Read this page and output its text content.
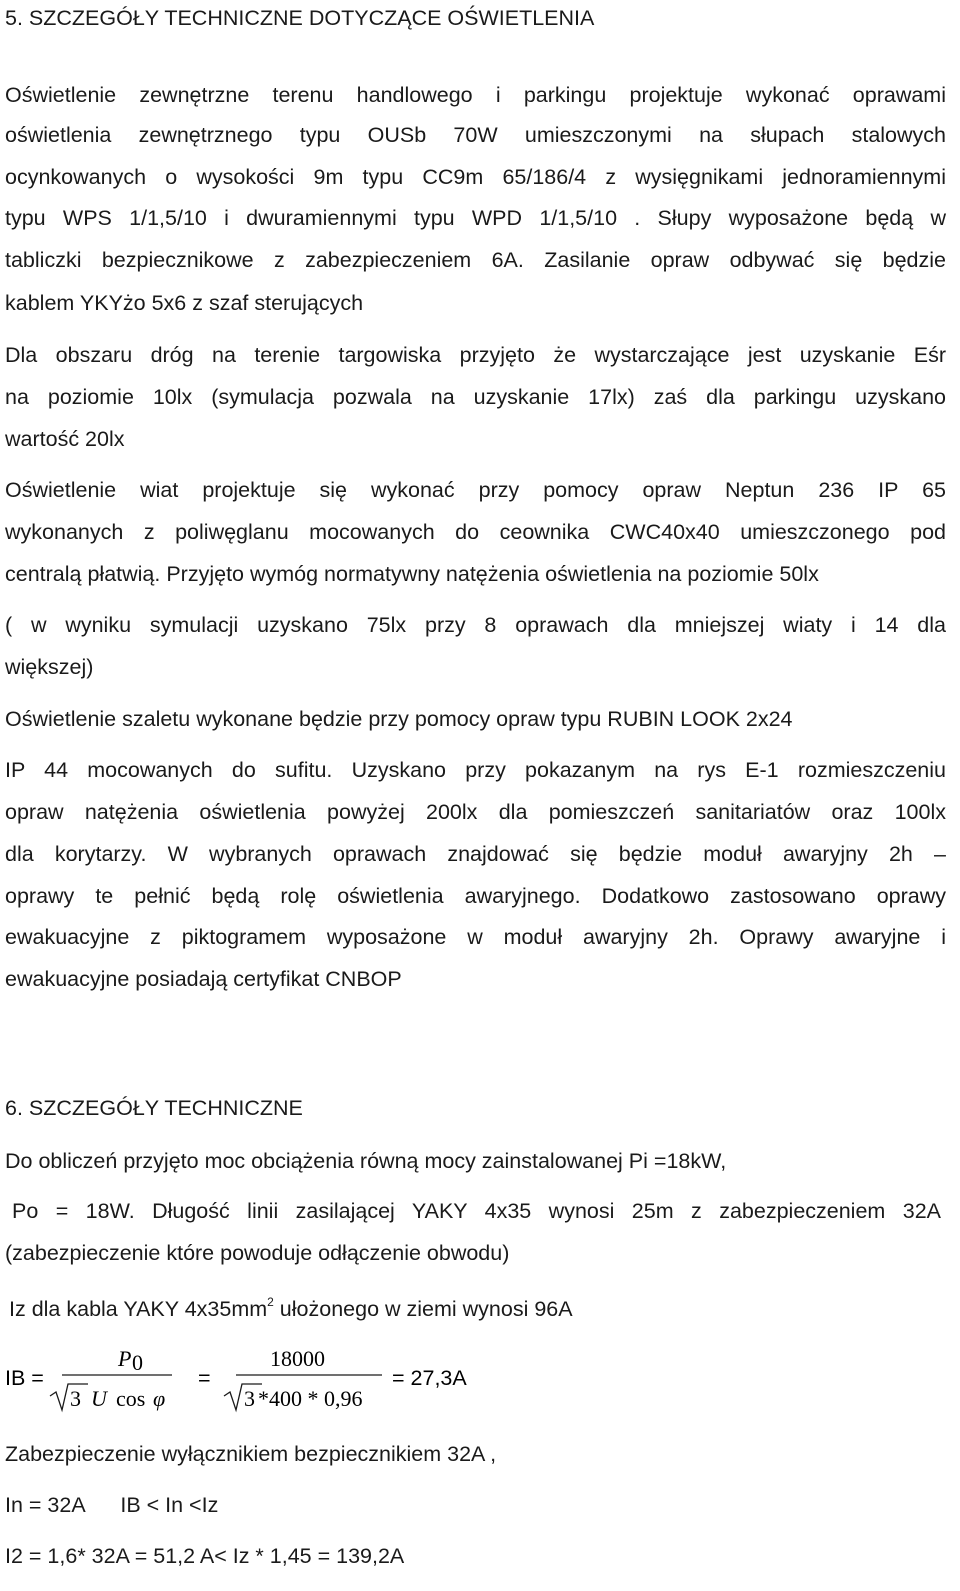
5. SZCZEGÓŁY TECHNICZNE DOTYCZĄCE OŚWIETLENIA

Oświetlenie zewnętrzne terenu handlowego i parkingu projektuje wykonać oprawami

oświetlenia zewnętrznego typu OUSb 70W umieszczonymi na słupach stalowych

ocynkowanych o wysokości 9m typu CC9m 65/186/4 z wysięgnikami jednoramiennymi

typu WPS 1/1,5/10 i dwuramiennymi typu WPD 1/1,5/10 . Słupy wyposażone będą w

tabliczki bezpiecznikowe z zabezpieczeniem 6A. Zasilanie opraw odbywać się będzie

kablem YKYżo 5x6 z szaf sterujących

Dla obszaru dróg na terenie targowiska przyjęto że wystarczające jest uzyskanie Eśr

na poziomie 10lx (symulacja pozwala na uzyskanie 17lx) zaś dla parkingu uzyskano

wartość 20lx

Oświetlenie wiat projektuje się wykonać przy pomocy opraw Neptun 236 IP 65

wykonanych z poliwęglanu mocowanych do ceownika CWC40x40 umieszczonego pod

centralą płatwią. Przyjęto wymóg normatywny natężenia oświetlenia na poziomie 50lx

( w wyniku symulacji uzyskano 75lx przy 8 oprawach dla mniejszej wiaty i 14 dla

większej)

Oświetlenie szaletu wykonane będzie przy pomocy opraw typu RUBIN LOOK 2x24

IP 44 mocowanych do sufitu. Uzyskano przy pokazanym na rys E-1 rozmieszczeniu

opraw natężenia oświetlenia powyżej 200lx dla pomieszczeń sanitariatów oraz 100lx

dla korytarzy. W wybranych oprawach znajdować się będzie moduł awaryjny 2h –

oprawy te pełnić będą rolę oświetlenia awaryjnego. Dodatkowo zastosowano oprawy

ewakuacyjne z piktogramem wyposażone w moduł awaryjny 2h. Oprawy awaryjne i

ewakuacyjne posiadają certyfikat CNBOP

6. SZCZEGÓŁY TECHNICZNE

Do obliczeń przyjęto moc obciążenia równą mocy zainstalowanej Pi =18kW,

Po = 18W. Długość linii zasilającej YAKY 4x35 wynosi 25m z zabezpieczeniem 32A

(zabezpieczenie które powoduje odłączenie obwodu)

Iz dla kabla YAKY $4x35mm^2$ ułożonego w ziemi wynosi 96A

IB =
P 0
3 U cos φ
=
18000
3 *400 * 0,96
= 27,3A

Zabezpieczenie wyłącznikiem bezpiecznikiem 32A ,

In = 32A      IB < In <Iz

I2 = 1,6* 32A = 51,2 A< Iz * 1,45 = 139,2A
